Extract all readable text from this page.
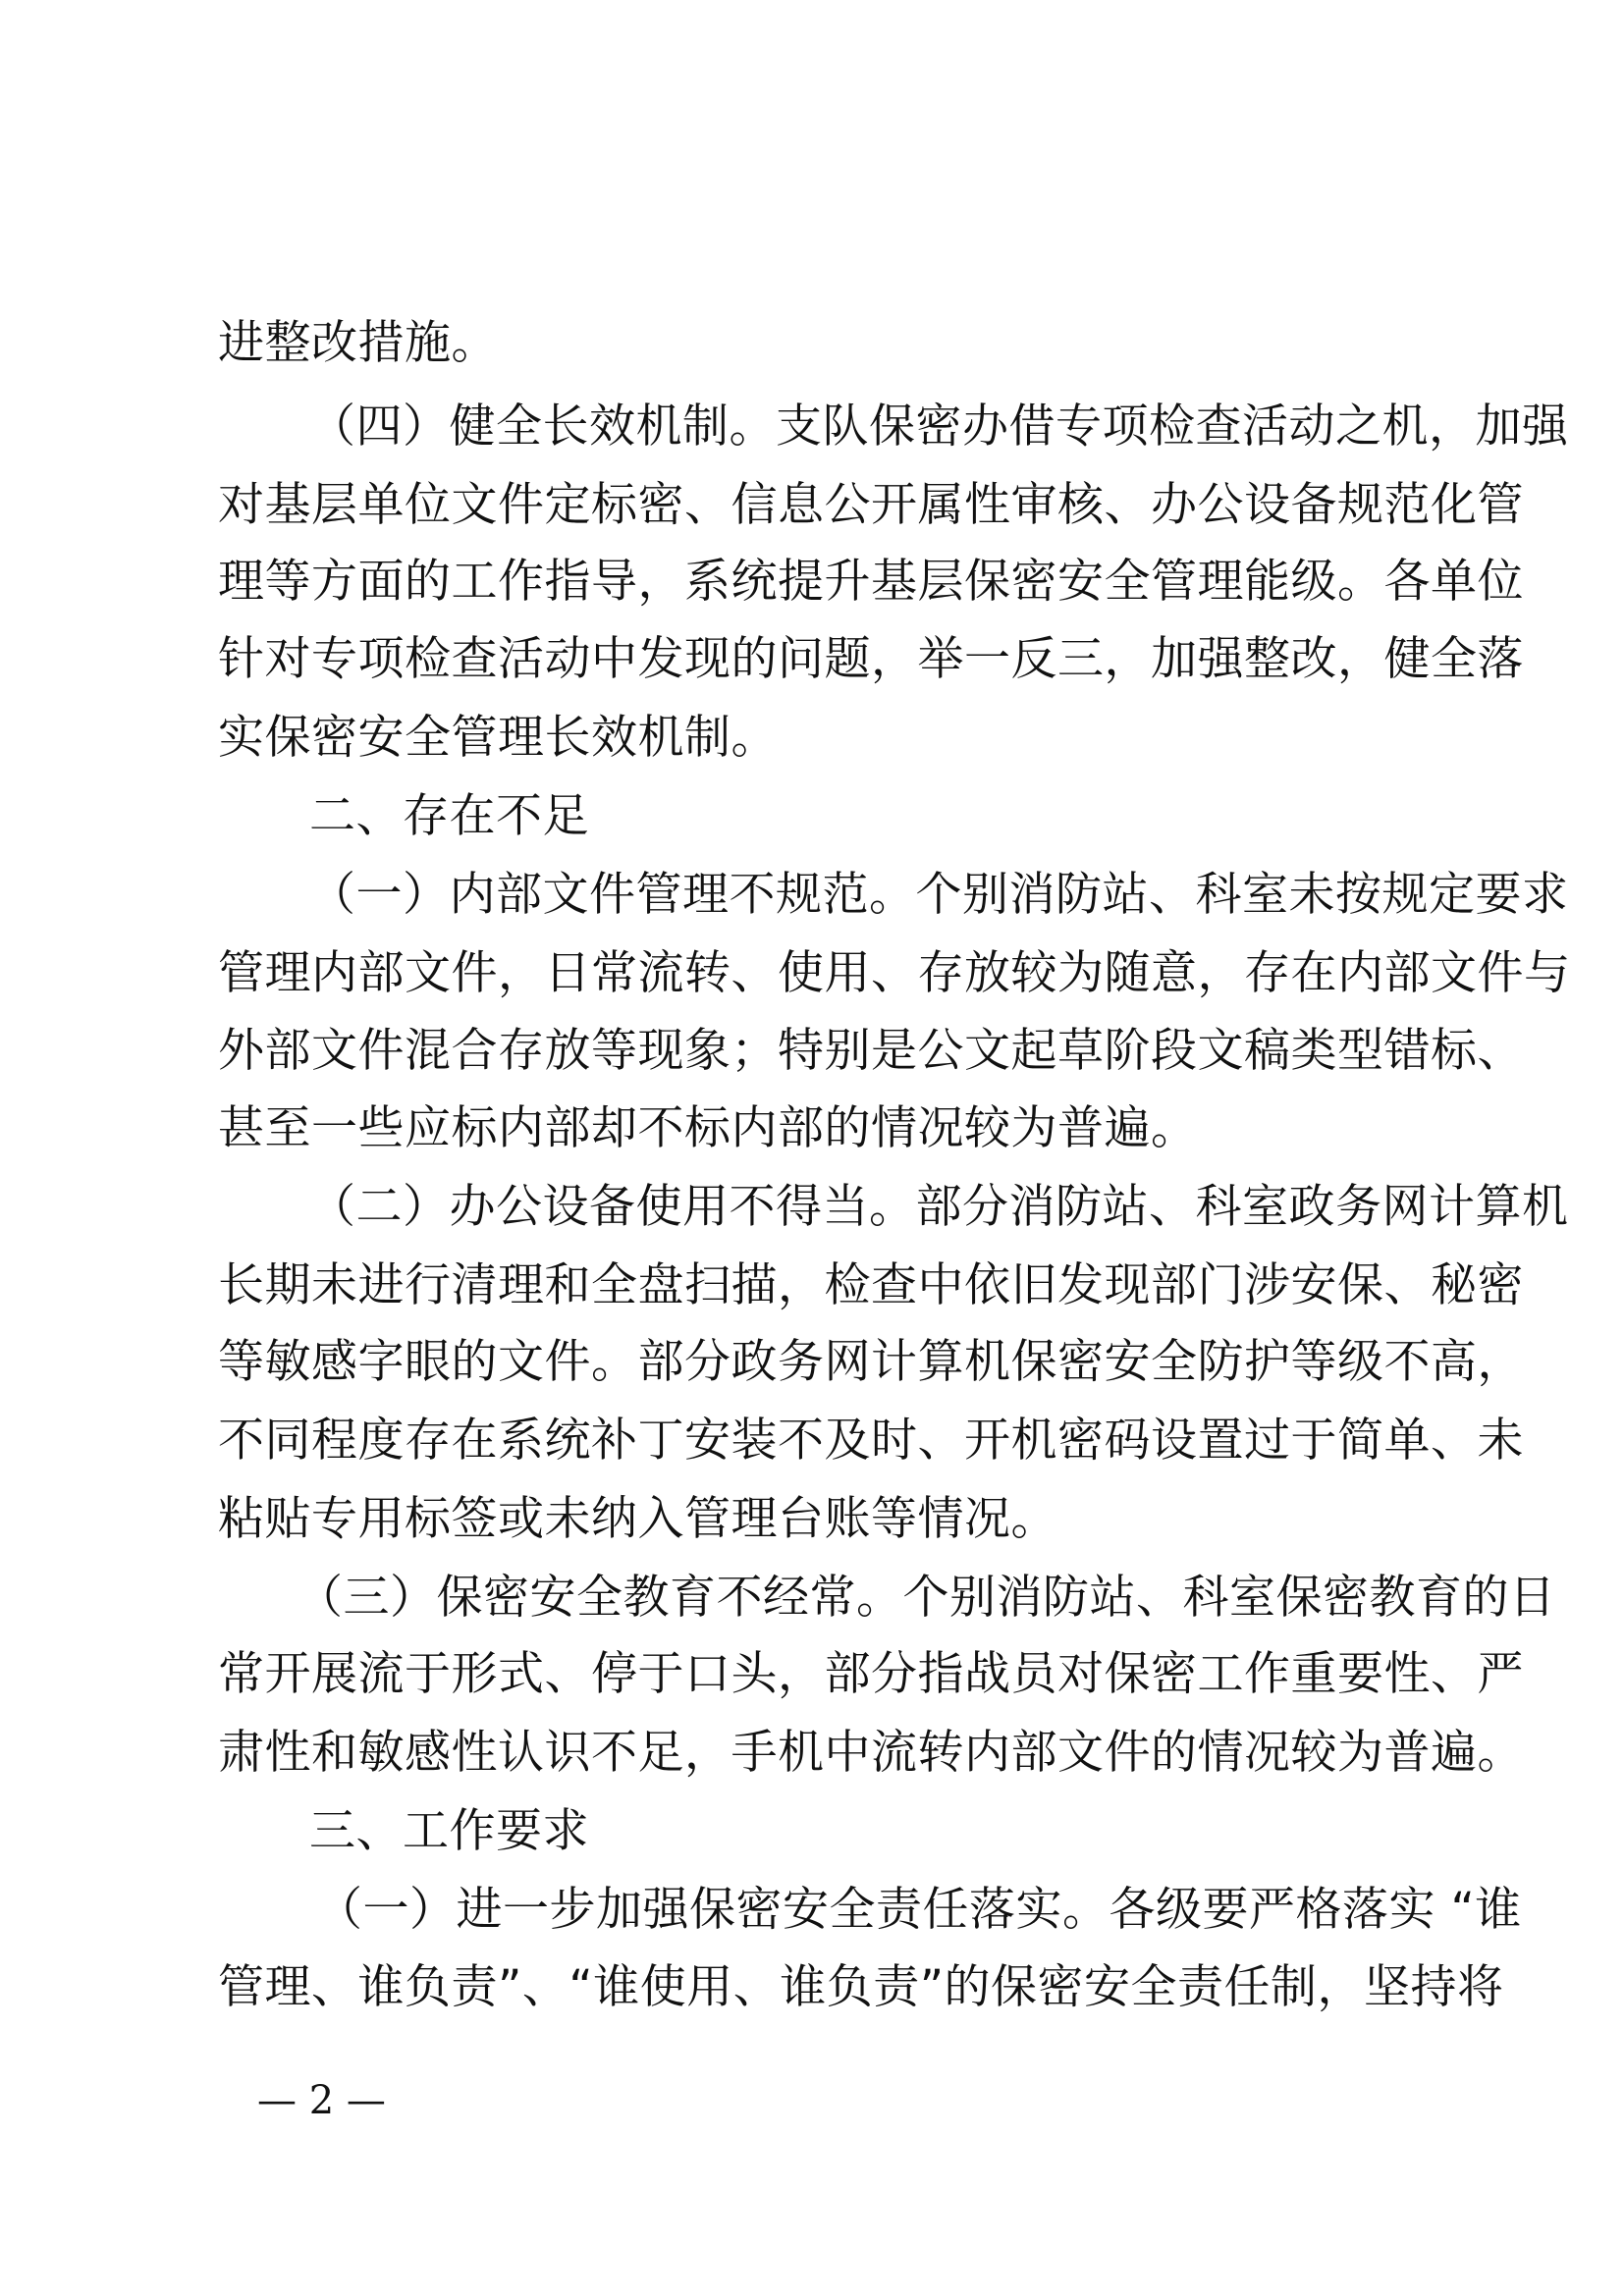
进整改措施。
（四）健全长效机制。支队保密办借专项检查活动之机，加强
对基层单位文件定标密、信息公开属性审核、办公设备规范化管
理等方面的工作指导，系统提升基层保密安全管理能级。各单位
针对专项检查活动中发现的问题，举一反三，加强整改，健全落
实保密安全管理长效机制。
二、存在不足
（一）内部文件管理不规范。个别消防站、科室未按规定要求
管理内部文件，日常流转、使用、存放较为随意，存在内部文件与
外部文件混合存放等现象；特别是公文起草阶段文稿类型错标、
甚至一些应标内部却不标内部的情况较为普遍。
（二）办公设备使用不得当。部分消防站、科室政务网计算机
长期未进行清理和全盘扫描，检查中依旧发现部门涉安保、秘密
等敏感字眼的文件。部分政务网计算机保密安全防护等级不高，
不同程度存在系统补丁安装不及时、开机密码设置过于简单、未
粘贴专用标签或未纳入管理台账等情况。
（三）保密安全教育不经常。个别消防站、科室保密教育的日
常开展流于形式、停于口头，部分指战员对保密工作重要性、严
肃性和敏感性认识不足，手机中流转内部文件的情况较为普遍。
三、工作要求
（一）进一步加强保密安全责任落实。各级要严格落实 “谁
管理、谁负责”、“谁使用、谁负责”的保密安全责任制，坚持将
— 2 —
